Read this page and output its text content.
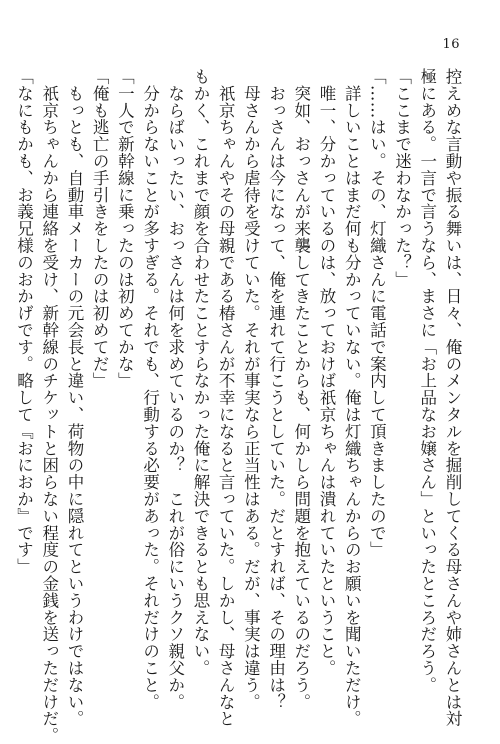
16
控えめな言動や振る舞いは、日々、俺のメンタルを掘削してくる母さんや姉さんとは対
極にある。一言で言うなら、まさに「お上品なお嬢さん」といったところだろう。
「ここまで迷わなかった？」
「……はい。その、灯織さんに電話で案内して頂きましたので」
　詳しいことはまだ何も分かっていない。俺は灯織ちゃんからのお願いを聞いただけ。
　唯一、分かっているのは、放っておけば祇京ちゃんは潰れていたということ。
　突如、おっさんが来襲してきたことからも、何かしら問題を抱えているのだろう。
　おっさんは今になって、俺を連れて行こうとしていた。だとすれば、その理由は？
　母さんから虐待を受けていた。それが事実なら正当性はある。だが、事実は違う。
　祇京ちゃんやその母親である椿さんが不幸になると言っていた。しかし、母さんなと
もかく、これまで顔を合わせたことすらなかった俺に解決できるとも思えない。
　ならばいったい、おっさんは何を求めているのか？　これが俗にいうクソ親父か。
　分からないことが多すぎる。それでも、行動する必要があった。それだけのこと。
「一人で新幹線に乗ったのは初めてかな」
「俺も逃亡の手引きをしたのは初めてだ」
　もっとも、自動車メーカーの元会長と違い、荷物の中に隠れてというわけではない。
　祇京ちゃんから連絡を受け、新幹線のチケットと困らない程度の金銭を送っただけだ。
「なにもかも、お義兄様のおかげです。略して『おにおか』です」
